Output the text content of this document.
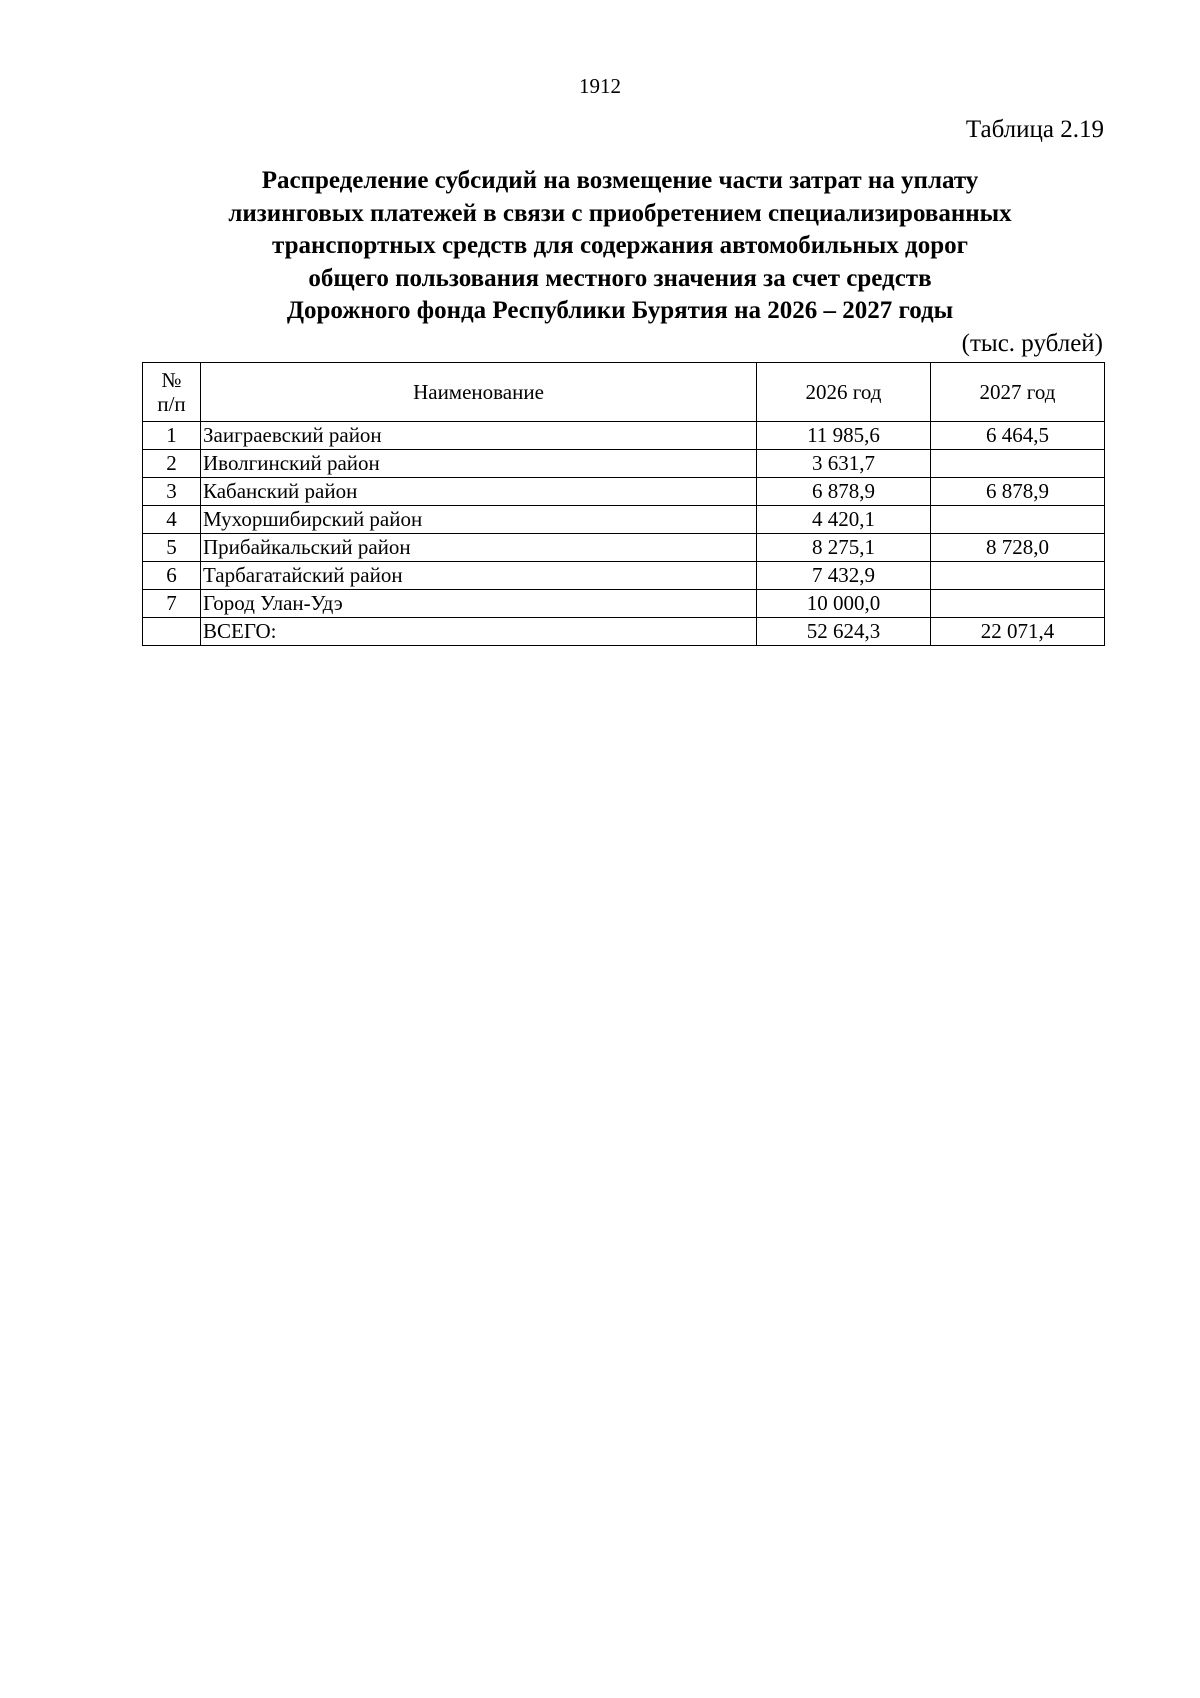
1912
Таблица 2.19
Распределение субсидий на возмещение части затрат на уплату
лизинговых платежей в связи с приобретением специализированных
транспортных средств для содержания автомобильных дорог
общего пользования местного значения за счет средств
Дорожного фонда Республики Бурятия на 2026 – 2027 годы
(тыс. рублей)
№
п/п	Наименование	2026 год	2027 год
1	Заиграевский район	11 985,6	6 464,5
2	Иволгинский район	3 631,7	
3	Кабанский район	6 878,9	6 878,9
4	Мухоршибирский район	4 420,1	
5	Прибайкальский район	8 275,1	8 728,0
6	Тарбагатайский район	7 432,9	
7	Город Улан-Удэ	10 000,0	
	ВСЕГО:	52 624,3	22 071,4
